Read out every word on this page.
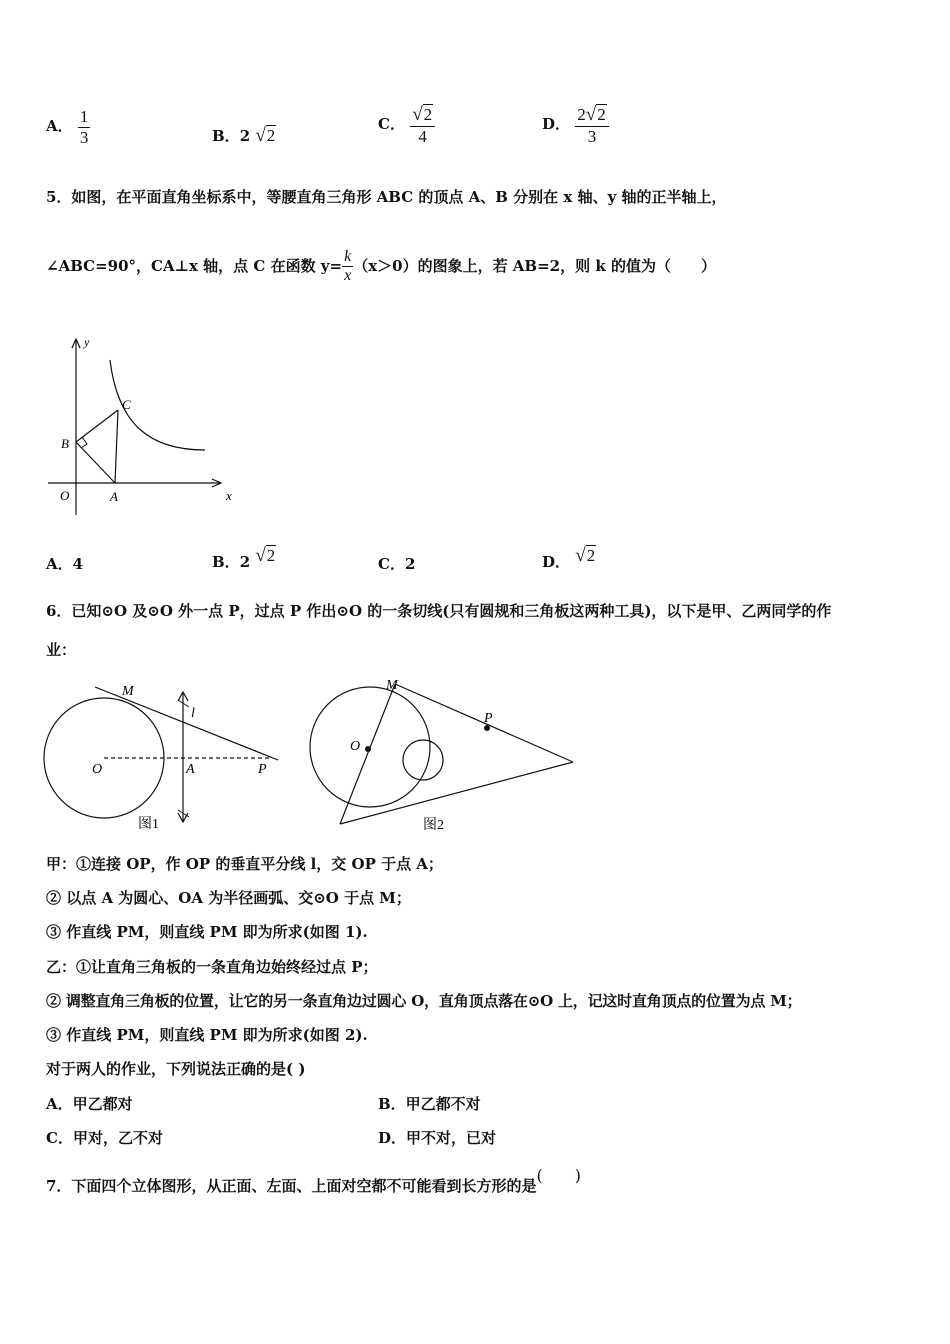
A． $\frac{1}{3}$	B．2 √2
C． $\frac{√2}{4}$	D． $\frac{2√2}{3}$
5．如图，在平面直角坐标系中，等腰直角三角形 ABC 的顶点 A、B 分别在 x 轴、y 轴的正半轴上，
∠ABC=90°，CA⊥x 轴，点 C 在函数 $y= \frac{k}{x} (x>0)$的图象上，若 AB=2，则 k 的值为（　　）
y
x
O	A
B
C
A．4	B．2 √2	C．2	D． √2
6．已知⊙O 及⊙O 外一点 P，过点 P 作出⊙O 的一条切线(只有圆规和三角板这两种工具)，以下是甲、乙两同学的作
业：
M
l
O	A	P
图1
M
P
O
图2
甲：①连接 OP，作 OP 的垂直平分线 l，交 OP 于点 A；
② 以点 A 为圆心、OA 为半径画弧、交⊙O 于点 M；
③ 作直线 PM，则直线 PM 即为所求(如图 1).
乙：①让直角三角板的一条直角边始终经过点 P；
② 调整直角三角板的位置，让它的另一条直角边过圆心 O，直角顶点落在⊙O 上，记这时直角顶点的位置为点 M；
③ 作直线 PM，则直线 PM 即为所求(如图 2).
对于两人的作业，下列说法正确的是( )
A．甲乙都对	B．甲乙都不对
C．甲对，乙不对	D．甲不对，已对
7．下面四个立体图形，从正面、左面、上面对空都不可能看到长方形的是(　　)
